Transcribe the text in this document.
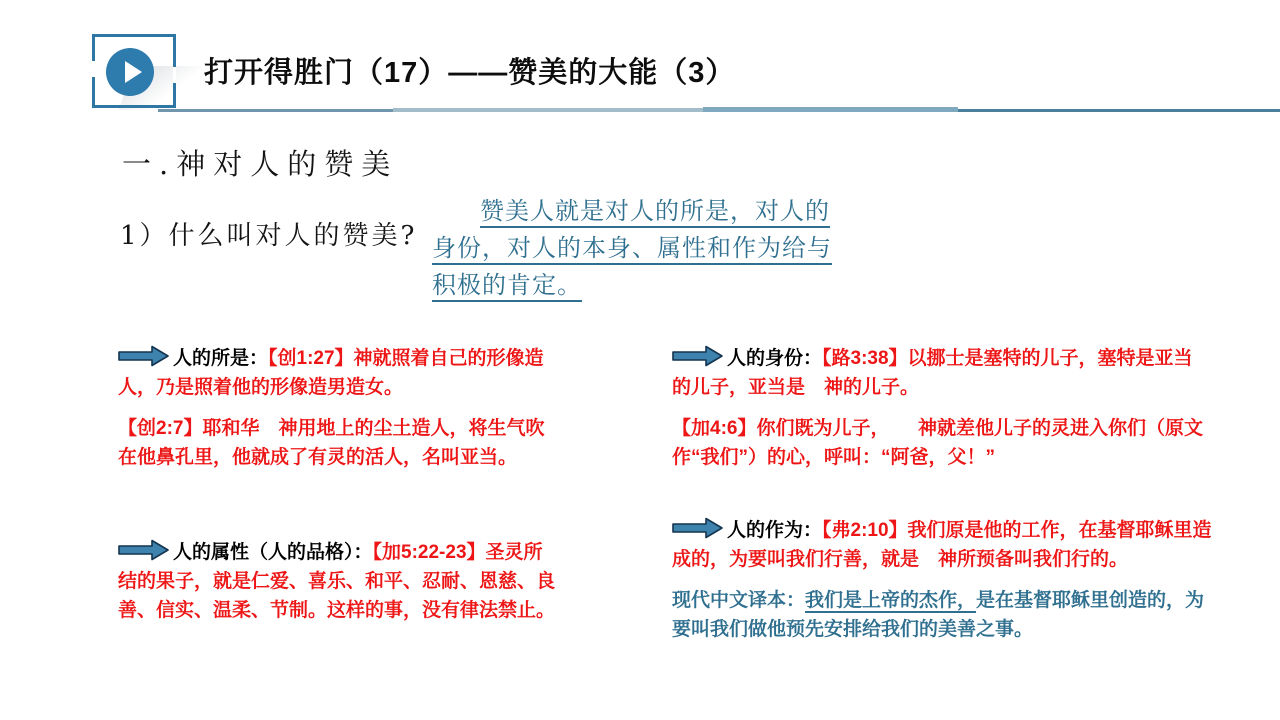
打开得胜门（17）——赞美的大能（3）
一.神对人的赞美
1）什么叫对人的赞美?
赞美人就是对人的所是，对人的身份，对人的本身、属性和作为给与积极的肯定。

人的所是：【创1:27】神就照着自己的形像造人，乃是照着他的形像造男造女。

【创2:7】耶和华　神用地上的尘土造人，将生气吹在他鼻孔里，他就成了有灵的活人，名叫亚当。

人的身份：【路3:38】以挪士是塞特的儿子，塞特是亚当的儿子，亚当是　神的儿子。

【加4:6】你们既为儿子，　　神就差他儿子的灵进入你们（原文作“我们”）的心，呼叫：“阿爸，父！”

人的属性（人的品格）：【加5:22-23】圣灵所结的果子，就是仁爱、喜乐、和平、忍耐、恩慈、良善、信实、温柔、节制。这样的事，没有律法禁止。

人的作为：【弗2:10】我们原是他的工作，在基督耶稣里造成的，为要叫我们行善，就是　神所预备叫我们行的。

现代中文译本：我们是上帝的杰作，是在基督耶稣里创造的，为要叫我们做他预先安排给我们的美善之事。
